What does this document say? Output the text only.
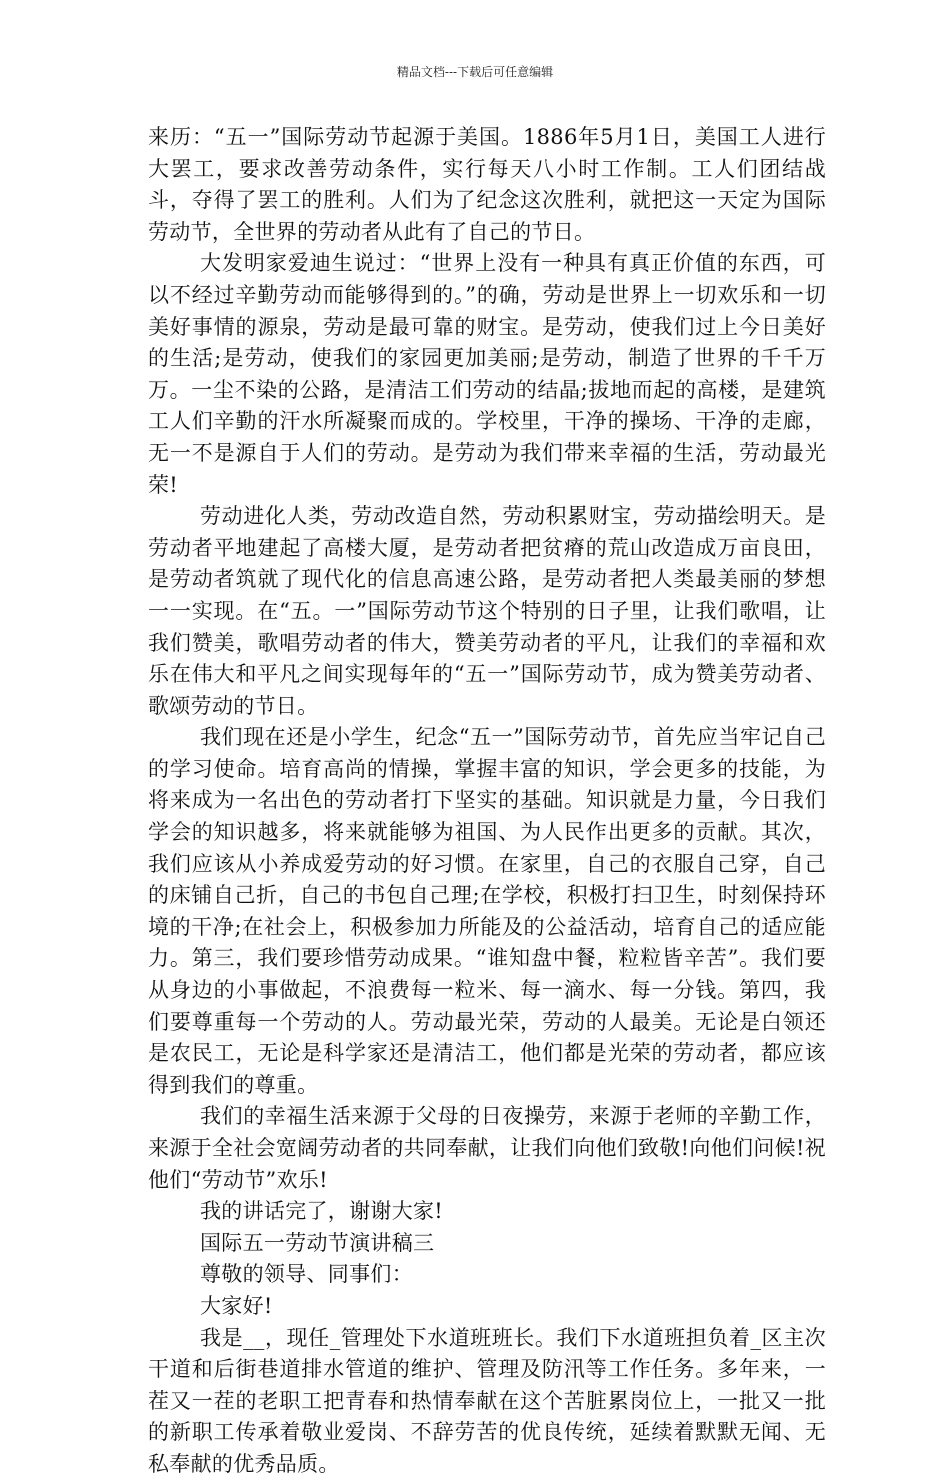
精品文档---下载后可任意编辑

来历：“五一”国际劳动节起源于美国。1886年5月1日，美国工人进行大罢工，要求改善劳动条件，实行每天八小时工作制。工人们团结战斗，夺得了罢工的胜利。人们为了纪念这次胜利，就把这一天定为国际劳动节，全世界的劳动者从此有了自己的节日。

大发明家爱迪生说过：“世界上没有一种具有真正价值的东西，可以不经过辛勤劳动而能够得到的。”的确，劳动是世界上一切欢乐和一切美好事情的源泉，劳动是最可靠的财宝。是劳动，使我们过上今日美好的生活;是劳动，使我们的家园更加美丽;是劳动，制造了世界的千千万万。一尘不染的公路，是清洁工们劳动的结晶;拔地而起的高楼，是建筑工人们辛勤的汗水所凝聚而成的。学校里，干净的操场、干净的走廊，无一不是源自于人们的劳动。是劳动为我们带来幸福的生活，劳动最光荣!

劳动进化人类，劳动改造自然，劳动积累财宝，劳动描绘明天。是劳动者平地建起了高楼大厦，是劳动者把贫瘠的荒山改造成万亩良田，是劳动者筑就了现代化的信息高速公路，是劳动者把人类最美丽的梦想一一实现。在“五。一”国际劳动节这个特别的日子里，让我们歌唱，让我们赞美，歌唱劳动者的伟大，赞美劳动者的平凡，让我们的幸福和欢乐在伟大和平凡之间实现每年的“五一”国际劳动节，成为赞美劳动者、歌颂劳动的节日。

我们现在还是小学生，纪念“五一”国际劳动节，首先应当牢记自己的学习使命。培育高尚的情操，掌握丰富的知识，学会更多的技能，为将来成为一名出色的劳动者打下坚实的基础。知识就是力量，今日我们学会的知识越多，将来就能够为祖国、为人民作出更多的贡献。其次，我们应该从小养成爱劳动的好习惯。在家里，自己的衣服自己穿，自己的床铺自己折，自己的书包自己理;在学校，积极打扫卫生，时刻保持环境的干净;在社会上，积极参加力所能及的公益活动，培育自己的适应能力。第三，我们要珍惜劳动成果。“谁知盘中餐，粒粒皆辛苦”。我们要从身边的小事做起，不浪费每一粒米、每一滴水、每一分钱。第四，我们要尊重每一个劳动的人。劳动最光荣，劳动的人最美。无论是白领还是农民工，无论是科学家还是清洁工，他们都是光荣的劳动者，都应该得到我们的尊重。

我们的幸福生活来源于父母的日夜操劳，来源于老师的辛勤工作，来源于全社会宽阔劳动者的共同奉献，让我们向他们致敬!向他们问候!祝他们“劳动节”欢乐!

我的讲话完了，谢谢大家!

国际五一劳动节演讲稿三

尊敬的领导、同事们：

大家好!

我是__，现任_管理处下水道班班长。我们下水道班担负着_区主次干道和后街巷道排水管道的维护、管理及防汛等工作任务。多年来，一茬又一茬的老职工把青春和热情奉献在这个苦脏累岗位上，一批又一批的新职工传承着敬业爱岗、不辞劳苦的优良传统，延续着默默无闻、无私奉献的优秀品质。
